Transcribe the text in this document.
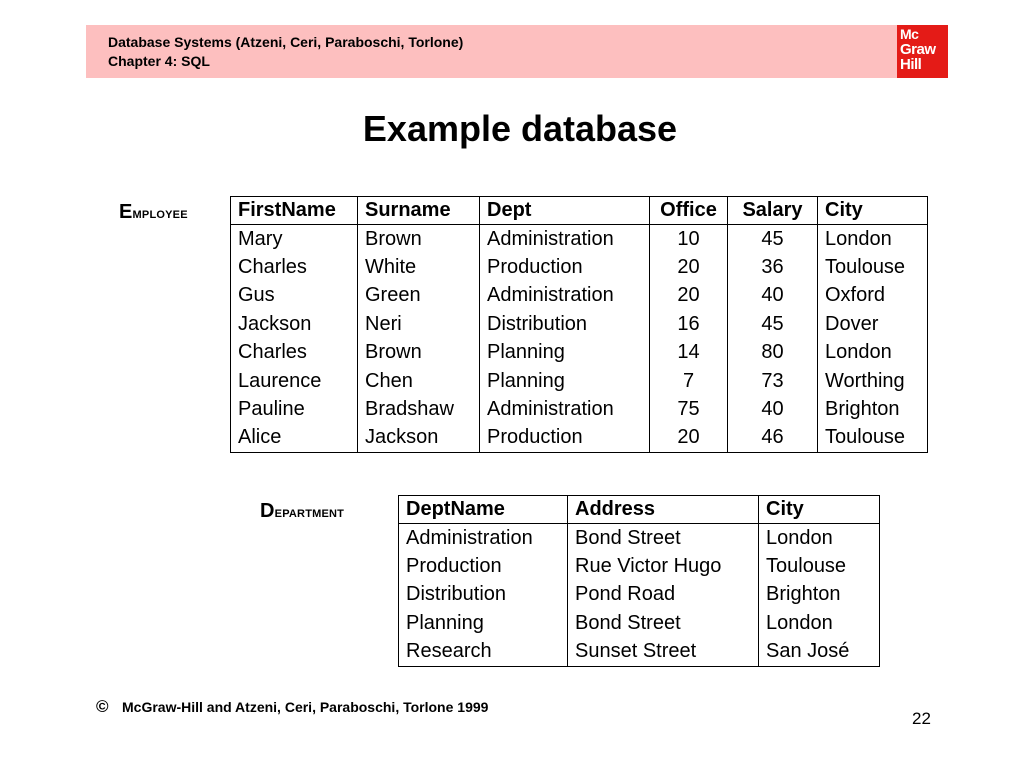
Database Systems (Atzeni, Ceri, Paraboschi, Torlone)
Chapter 4: SQL
Mc
Graw
Hill
Example database
Employee	FirstName	Surname	Dept	Office	Salary	City
Mary	Brown	Administration	10	45	London
Charles	White	Production	20	36	Toulouse
Gus	Green	Administration	20	40	Oxford
Jackson	Neri	Distribution	16	45	Dover
Charles	Brown	Planning	14	80	London
Laurence	Chen	Planning	7	73	Worthing
Pauline	Bradshaw	Administration	75	40	Brighton
Alice	Jackson	Production	20	46	Toulouse
Department	DeptName	Address	City
Administration	Bond Street	London
Production	Rue Victor Hugo	Toulouse
Distribution	Pond Road	Brighton
Planning	Bond Street	London
Research	Sunset Street	San José
© McGraw-Hill and Atzeni, Ceri, Paraboschi, Torlone 1999
22
